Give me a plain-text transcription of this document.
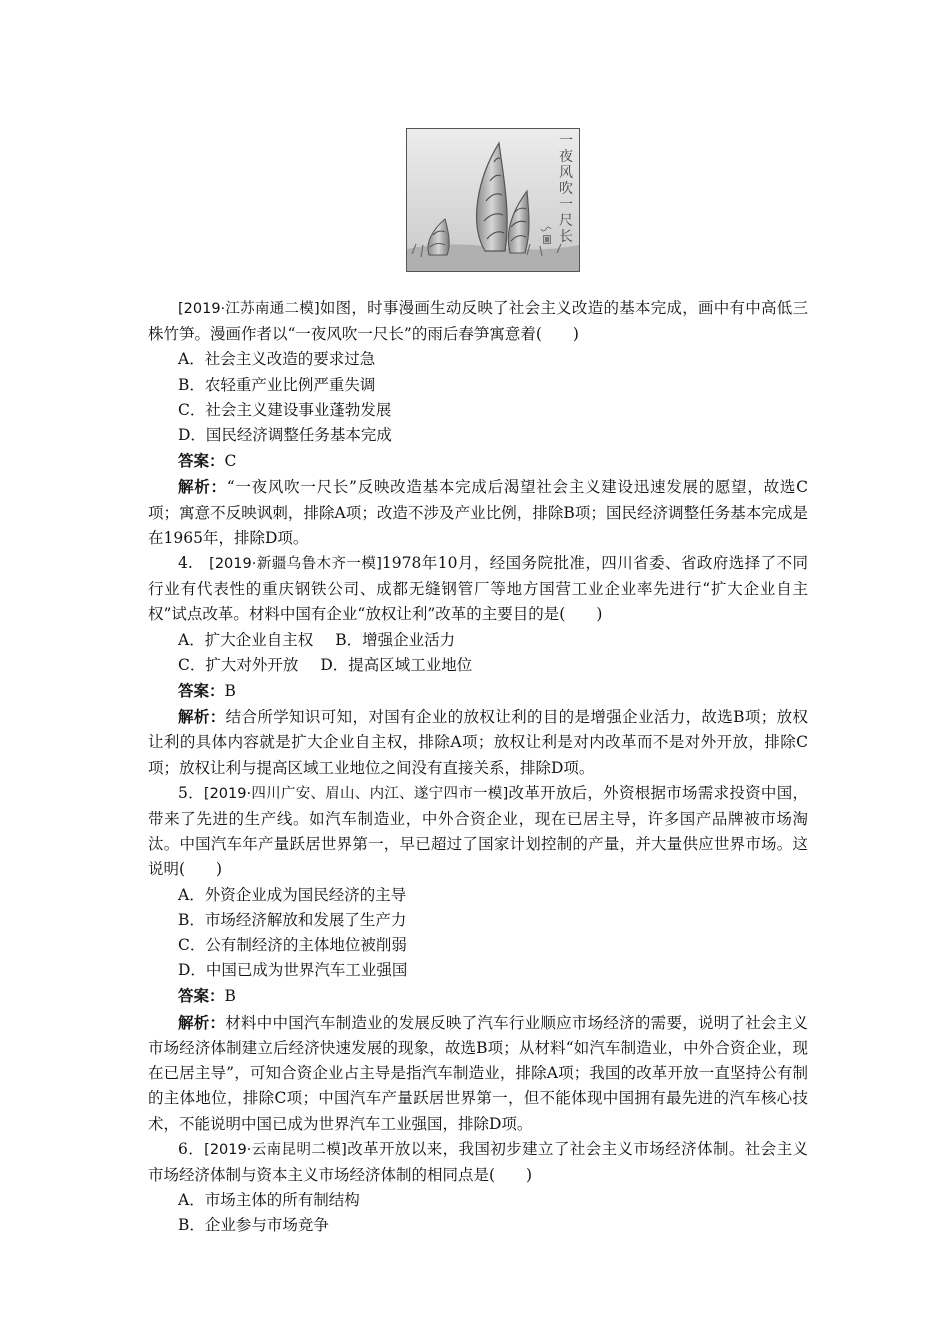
一夜风吹一尺长

[2019·江苏南通二模]如图，时事漫画生动反映了社会主义改造的基本完成，画中有中高低三株竹笋。漫画作者以“一夜风吹一尺长”的雨后春笋寓意着(　　)

A．社会主义改造的要求过急

B．农轻重产业比例严重失调

C．社会主义建设事业蓬勃发展

D．国民经济调整任务基本完成

答案：C

解析：“一夜风吹一尺长”反映改造基本完成后渴望社会主义建设迅速发展的愿望，故选C项；寓意不反映讽刺，排除A项；改造不涉及产业比例，排除B项；国民经济调整任务基本完成是在1965年，排除D项。

4.　[2019·新疆乌鲁木齐一模]1978年10月，经国务院批准，四川省委、省政府选择了不同行业有代表性的重庆钢铁公司、成都无缝钢管厂等地方国营工业企业率先进行“扩大企业自主权”试点改革。材料中国有企业“放权让利”改革的主要目的是(　　)

A．扩大企业自主权 B．增强企业活力

C．扩大对外开放 D．提高区域工业地位

答案：B

解析：结合所学知识可知，对国有企业的放权让利的目的是增强企业活力，故选B项；放权让利的具体内容就是扩大企业自主权，排除A项；放权让利是对内改革而不是对外开放，排除C项；放权让利与提高区域工业地位之间没有直接关系，排除D项。

5．[2019·四川广安、眉山、内江、遂宁四市一模]改革开放后，外资根据市场需求投资中国，带来了先进的生产线。如汽车制造业，中外合资企业，现在已居主导，许多国产品牌被市场淘汰。中国汽车年产量跃居世界第一，早已超过了国家计划控制的产量，并大量供应世界市场。这说明(　　)

A．外资企业成为国民经济的主导

B．市场经济解放和发展了生产力

C．公有制经济的主体地位被削弱

D．中国已成为世界汽车工业强国

答案：B

解析：材料中中国汽车制造业的发展反映了汽车行业顺应市场经济的需要，说明了社会主义市场经济体制建立后经济快速发展的现象，故选B项；从材料“如汽车制造业，中外合资企业，现在已居主导”，可知合资企业占主导是指汽车制造业，排除A项；我国的改革开放一直坚持公有制的主体地位，排除C项；中国汽车产量跃居世界第一，但不能体现中国拥有最先进的汽车核心技术，不能说明中国已成为世界汽车工业强国，排除D项。

6．[2019·云南昆明二模]改革开放以来，我国初步建立了社会主义市场经济体制。社会主义市场经济体制与资本主义市场经济体制的相同点是(　　)

A．市场主体的所有制结构

B．企业参与市场竞争
